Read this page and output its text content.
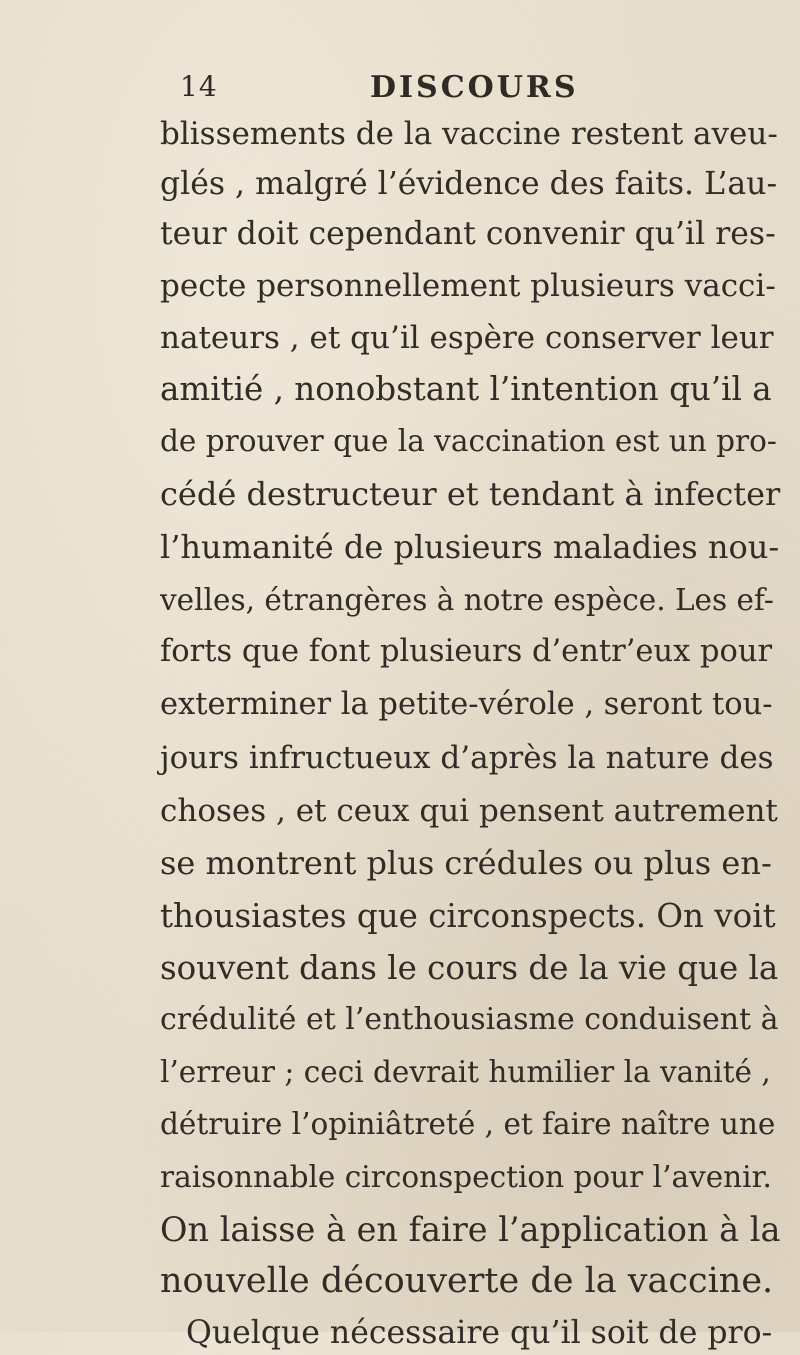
14	DISCOURS
blissements de la vaccine restent aveu-
glés , malgré l’évidence des faits. L’au-
teur doit cependant convenir qu’il res-
pecte personnellement plusieurs vacci-
nateurs , et qu’il espère conserver leur
amitié , nonobstant l’intention qu’il a
de prouver que la vaccination est un pro-
cédé destructeur et tendant à infecter
l’humanité de plusieurs maladies nou-
velles, étrangères à notre espèce. Les ef-
forts que font plusieurs d’entr’eux pour
exterminer la petite-vérole , seront tou-
jours infructueux d’après la nature des
choses , et ceux qui pensent autrement
se montrent plus crédules ou plus en-
thousiastes que circonspects. On voit
souvent dans le cours de la vie que la
crédulité et l’enthousiasme conduisent à
l’erreur ; ceci devrait humilier la vanité ,
détruire l’opiniâtreté , et faire naître une
raisonnable circonspection pour l’avenir.
On laisse à en faire l’application à la
nouvelle découverte de la vaccine.
Quelque nécessaire qu’il soit de pro-
